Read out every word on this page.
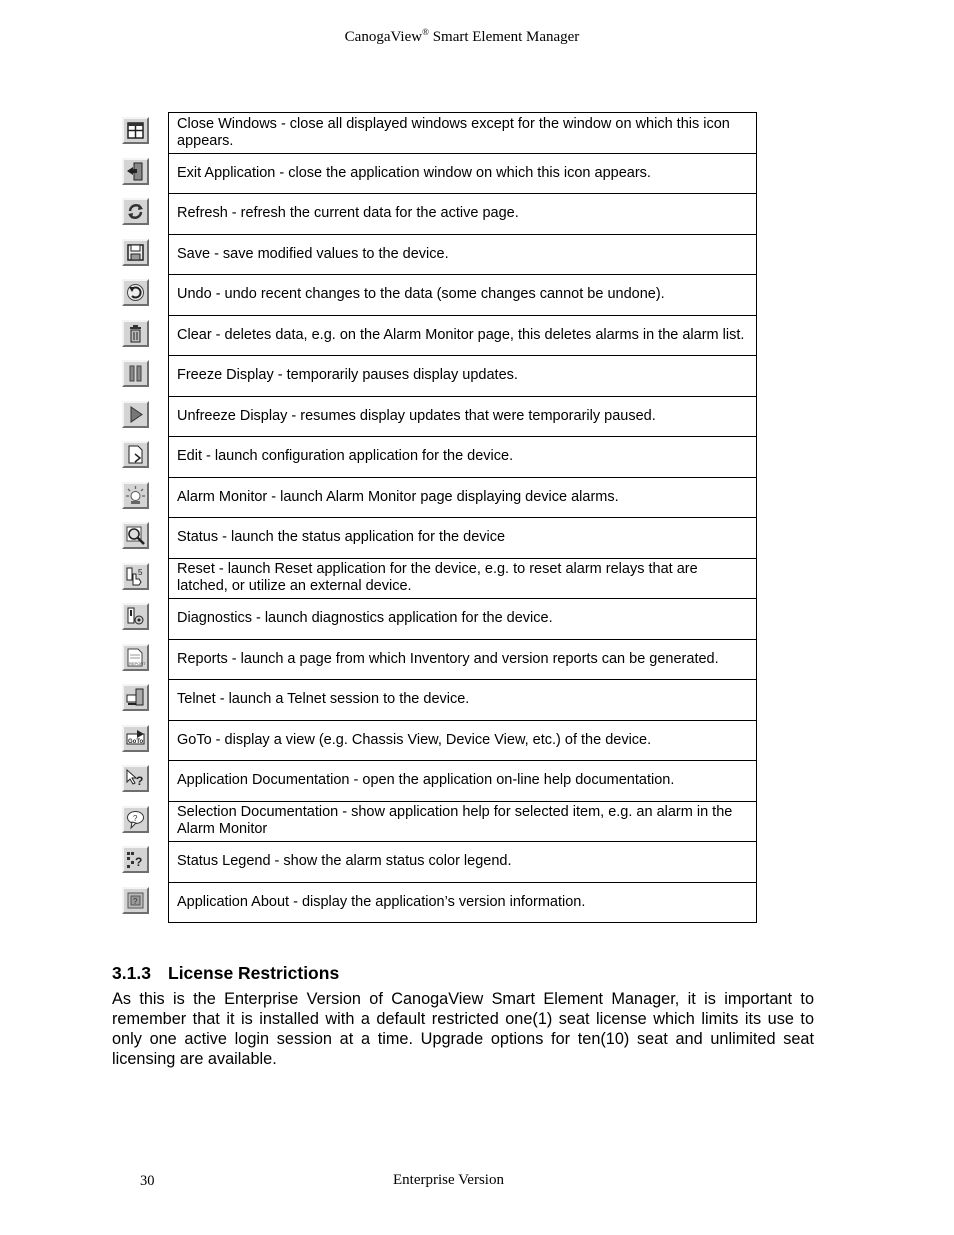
CanogaView® Smart Element Manager
Close Windows - close all displayed windows except for the window on which this icon appears.
Exit Application - close the application window on which this icon appears.
Refresh - refresh the current data for the active page.
Save - save modified values to the device.
Undo - undo recent changes to the data (some changes cannot be undone).
Clear - deletes data, e.g. on the Alarm Monitor page, this deletes alarms in the alarm list.
Freeze Display - temporarily pauses display updates.
Unfreeze Display - resumes display updates that were temporarily paused.
Edit - launch configuration application for the device.
Alarm Monitor - launch Alarm Monitor page displaying device alarms.
Status - launch the status application for the device
5	Reset - launch Reset application for the device, e.g. to reset alarm relays that are latched, or utilize an external device.
Diagnostics - launch diagnostics application for the device.
REPORT	Reports - launch a page from which Inventory and version reports can be generated.
Telnet - launch a Telnet session to the device.
GoTo	GoTo - display a view (e.g. Chassis View, Device View, etc.) of the device.
?	Application Documentation - open the application on-line help documentation.
?	Selection Documentation - show application help for selected item, e.g. an alarm in the Alarm Monitor
?	Status Legend - show the alarm status color legend.
?	Application About - display the application’s version information.
3.1.3 License Restrictions
As this is the Enterprise Version of CanogaView Smart Element Manager, it is important to remember that it is installed with a default restricted one(1) seat license which limits its use to only one active login session at a time. Upgrade options for ten(10) seat and unlimited seat licensing are available.
30	Enterprise Version
